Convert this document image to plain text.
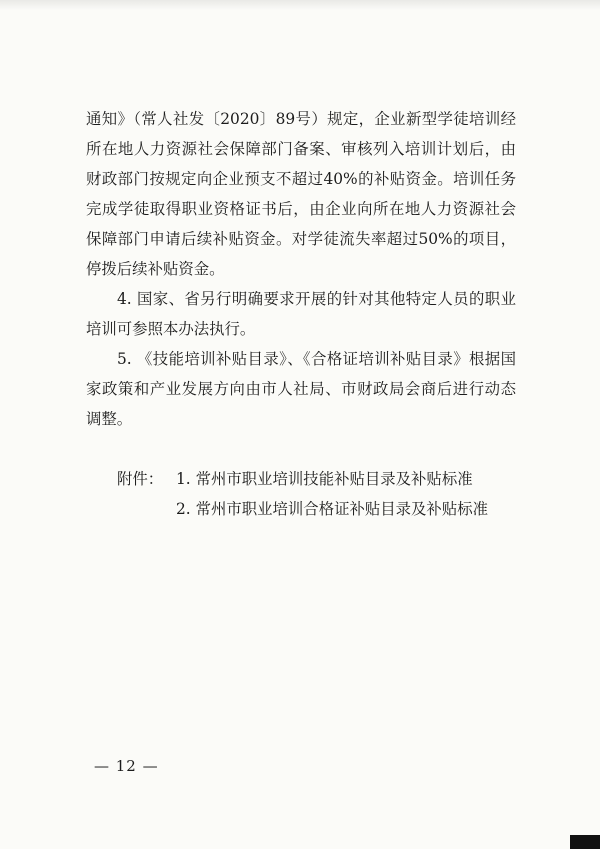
通知》（常人社发〔2020〕89号）规定，企业新型学徒培训经所在地人力资源社会保障部门备案、审核列入培训计划后，由财政部门按规定向企业预支不超过40%的补贴资金。培训任务完成学徒取得职业资格证书后，由企业向所在地人力资源社会保障部门申请后续补贴资金。对学徒流失率超过50%的项目，停拨后续补贴资金。

4. 国家、省另行明确要求开展的针对其他特定人员的职业培训可参照本办法执行。

5. 《技能培训补贴目录》、《合格证培训补贴目录》根据国家政策和产业发展方向由市人社局、市财政局会商后进行动态调整。

附件： 1. 常州市职业培训技能补贴目录及补贴标准
2. 常州市职业培训合格证补贴目录及补贴标准
— 12 —
